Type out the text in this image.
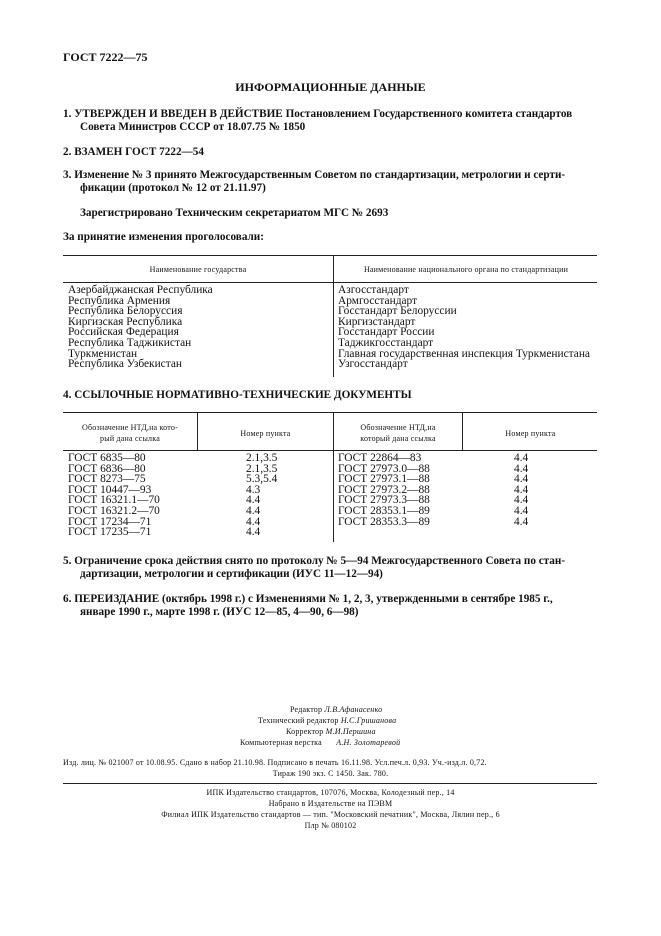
ГОСТ 7222—75
ИНФОРМАЦИОННЫЕ ДАННЫЕ
1. УТВЕРЖДЕН И ВВЕДЕН В ДЕЙСТВИЕ Постановлением Государственного комитета стандартов
Совета Министров СССР от 18.07.75 № 1850
2. ВЗАМЕН ГОСТ 7222—54
3. Изменение № 3 принято Межгосударственным Советом по стандартизации, метрологии и серти-
фикации (протокол № 12 от 21.11.97)
Зарегистрировано Техническим секретариатом МГС № 2693
За принятие изменения проголосовали:
Наименование государства	Наименование национального органа по стандартизации
Азербайджанская Республика
Республика Армения
Республика Белоруссия
Киргизская Республика
Российская Федерация
Республика Таджикистан
Туркменистан
Республика Узбекистан
Азгосстандарт
Армгосстандарт
Госстандарт Белоруссии
Киргизстандарт
Госстандарт России
Таджикгосстандарт
Главная государственная инспекция Туркменистана
Узгосстандарт
4. ССЫЛОЧНЫЕ НОРМАТИВНО-ТЕХНИЧЕСКИЕ ДОКУМЕНТЫ
Обозначение НТД,на кото-
рый дана ссылка
Номер пункта
Обозначение НТД,на
который дана ссылка
Номер пункта
ГОСТ 6835—80
ГОСТ 6836—80
ГОСТ 8273—75
ГОСТ 10447—93
ГОСТ 16321.1—70
ГОСТ 16321.2—70
ГОСТ 17234—71
ГОСТ 17235—71
2.1,3.5
2.1,3.5
5.3,5.4
4.3
4.4
4.4
4.4
4.4
ГОСТ 22864—83
ГОСТ 27973.0—88
ГОСТ 27973.1—88
ГОСТ 27973.2—88
ГОСТ 27973.3—88
ГОСТ 28353.1—89
ГОСТ 28353.3—89
4.4
4.4
4.4
4.4
4.4
4.4
4.4
5. Ограничение срока действия снято по протоколу № 5—94 Межгосударственного Совета по стан-
дартизации, метрологии и сертификации (ИУС 11—12—94)
6. ПЕРЕИЗДАНИЕ (октябрь 1998 г.) с Изменениями № 1, 2, 3, утвержденными в сентябре 1985 г.,
январе 1990 г., марте 1998 г. (ИУС 12—85, 4—90, 6—98)
Редактор Л.В.Афанасенко
Технический редактор Н.С.Гришанова
Корректор М.И.Першина
Компьютерная верстка А.Н. Золотаревой
Изд. лиц. № 021007 от 10.08.95. Сдано в набор 21.10.98. Подписано в печать 16.11.98. Усл.печ.л. 0,93. Уч.-изд.л. 0,72.
Тираж 190 экз. С 1450. Зак. 780.
ИПК Издательство стандартов, 107076, Москва, Колодезный пер., 14
Набрано в Издательстве на ПЭВМ
Филиал ИПК Издательство стандартов — тип. "Московский печатник", Москва, Лялин пер., 6
Плр № 080102
